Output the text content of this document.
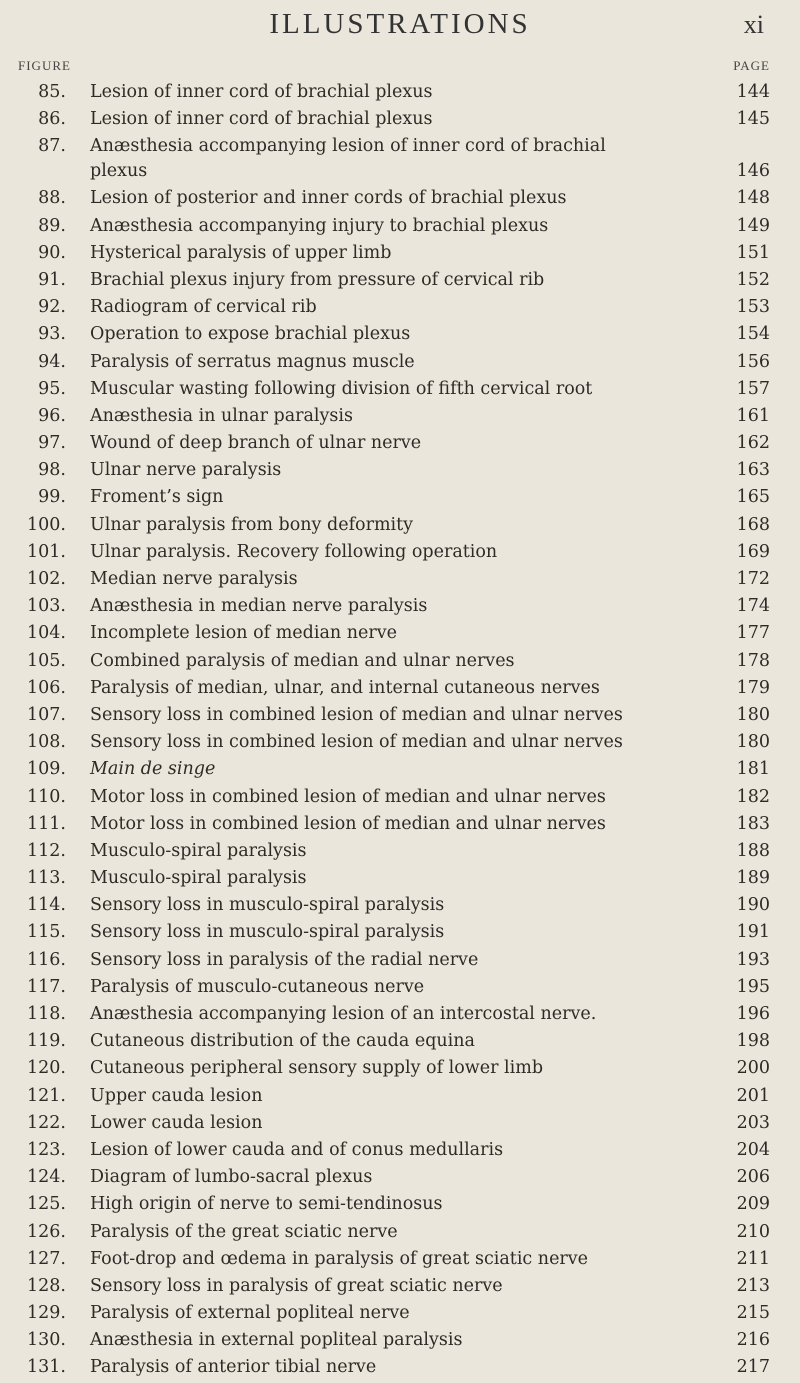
ILLUSTRATIONS	xi
FIGURE	PAGE
85. Lesion of inner cord of brachial plexus	144
86. Lesion of inner cord of brachial plexus	145
87. Anæsthesia accompanying lesion of inner cord of brachial
plexus	146
88. Lesion of posterior and inner cords of brachial plexus	148
89. Anæsthesia accompanying injury to brachial plexus	149
90. Hysterical paralysis of upper limb	151
91. Brachial plexus injury from pressure of cervical rib	152
92. Radiogram of cervical rib	153
93. Operation to expose brachial plexus	154
94. Paralysis of serratus magnus muscle	156
95. Muscular wasting following division of fifth cervical root	157
96. Anæsthesia in ulnar paralysis	161
97. Wound of deep branch of ulnar nerve	162
98. Ulnar nerve paralysis	163
99. Froment’s sign	165
100. Ulnar paralysis from bony deformity	168
101. Ulnar paralysis. Recovery following operation	169
102. Median nerve paralysis	172
103. Anæsthesia in median nerve paralysis	174
104. Incomplete lesion of median nerve	177
105. Combined paralysis of median and ulnar nerves	178
106. Paralysis of median, ulnar, and internal cutaneous nerves	179
107. Sensory loss in combined lesion of median and ulnar nerves	180
108. Sensory loss in combined lesion of median and ulnar nerves	180
109. Main de singe	181
110. Motor loss in combined lesion of median and ulnar nerves	182
111. Motor loss in combined lesion of median and ulnar nerves	183
112. Musculo-spiral paralysis	188
113. Musculo-spiral paralysis	189
114. Sensory loss in musculo-spiral paralysis	190
115. Sensory loss in musculo-spiral paralysis	191
116. Sensory loss in paralysis of the radial nerve	193
117. Paralysis of musculo-cutaneous nerve	195
118. Anæsthesia accompanying lesion of an intercostal nerve.	196
119. Cutaneous distribution of the cauda equina	198
120. Cutaneous peripheral sensory supply of lower limb	200
121. Upper cauda lesion	201
122. Lower cauda lesion	203
123. Lesion of lower cauda and of conus medullaris	204
124. Diagram of lumbo-sacral plexus	206
125. High origin of nerve to semi-tendinosus	209
126. Paralysis of the great sciatic nerve	210
127. Foot-drop and œdema in paralysis of great sciatic nerve	211
128. Sensory loss in paralysis of great sciatic nerve	213
129. Paralysis of external popliteal nerve	215
130. Anæsthesia in external popliteal paralysis	216
131. Paralysis of anterior tibial nerve	217
